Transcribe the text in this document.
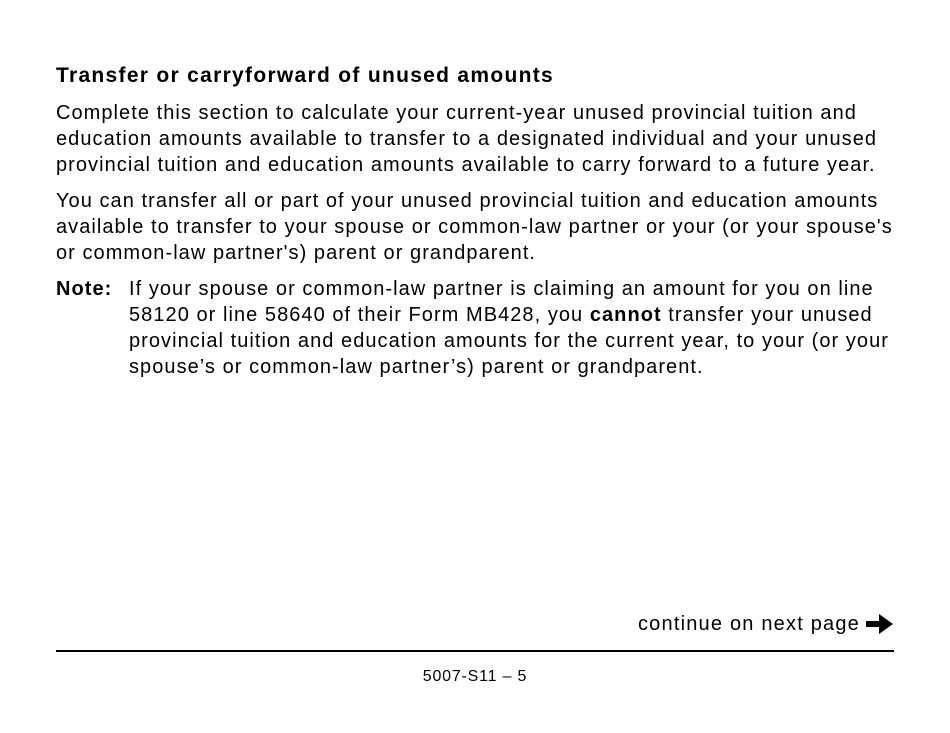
Transfer or carryforward of unused amounts

Complete this section to calculate your current-year unused provincial tuition and education amounts available to transfer to a designated individual and your unused provincial tuition and education amounts available to carry forward to a future year.

You can transfer all or part of your unused provincial tuition and education amounts available to transfer to your spouse or common-law partner or your (or your spouse's or common-law partner's) parent or grandparent.

Note: If your spouse or common-law partner is claiming an amount for you on line 58120 or line 58640 of their Form MB428, you cannot transfer your unused provincial tuition and education amounts for the current year, to your (or your spouse’s or common-law partner’s) parent or grandparent.
continue on next page
5007-S11 – 5
